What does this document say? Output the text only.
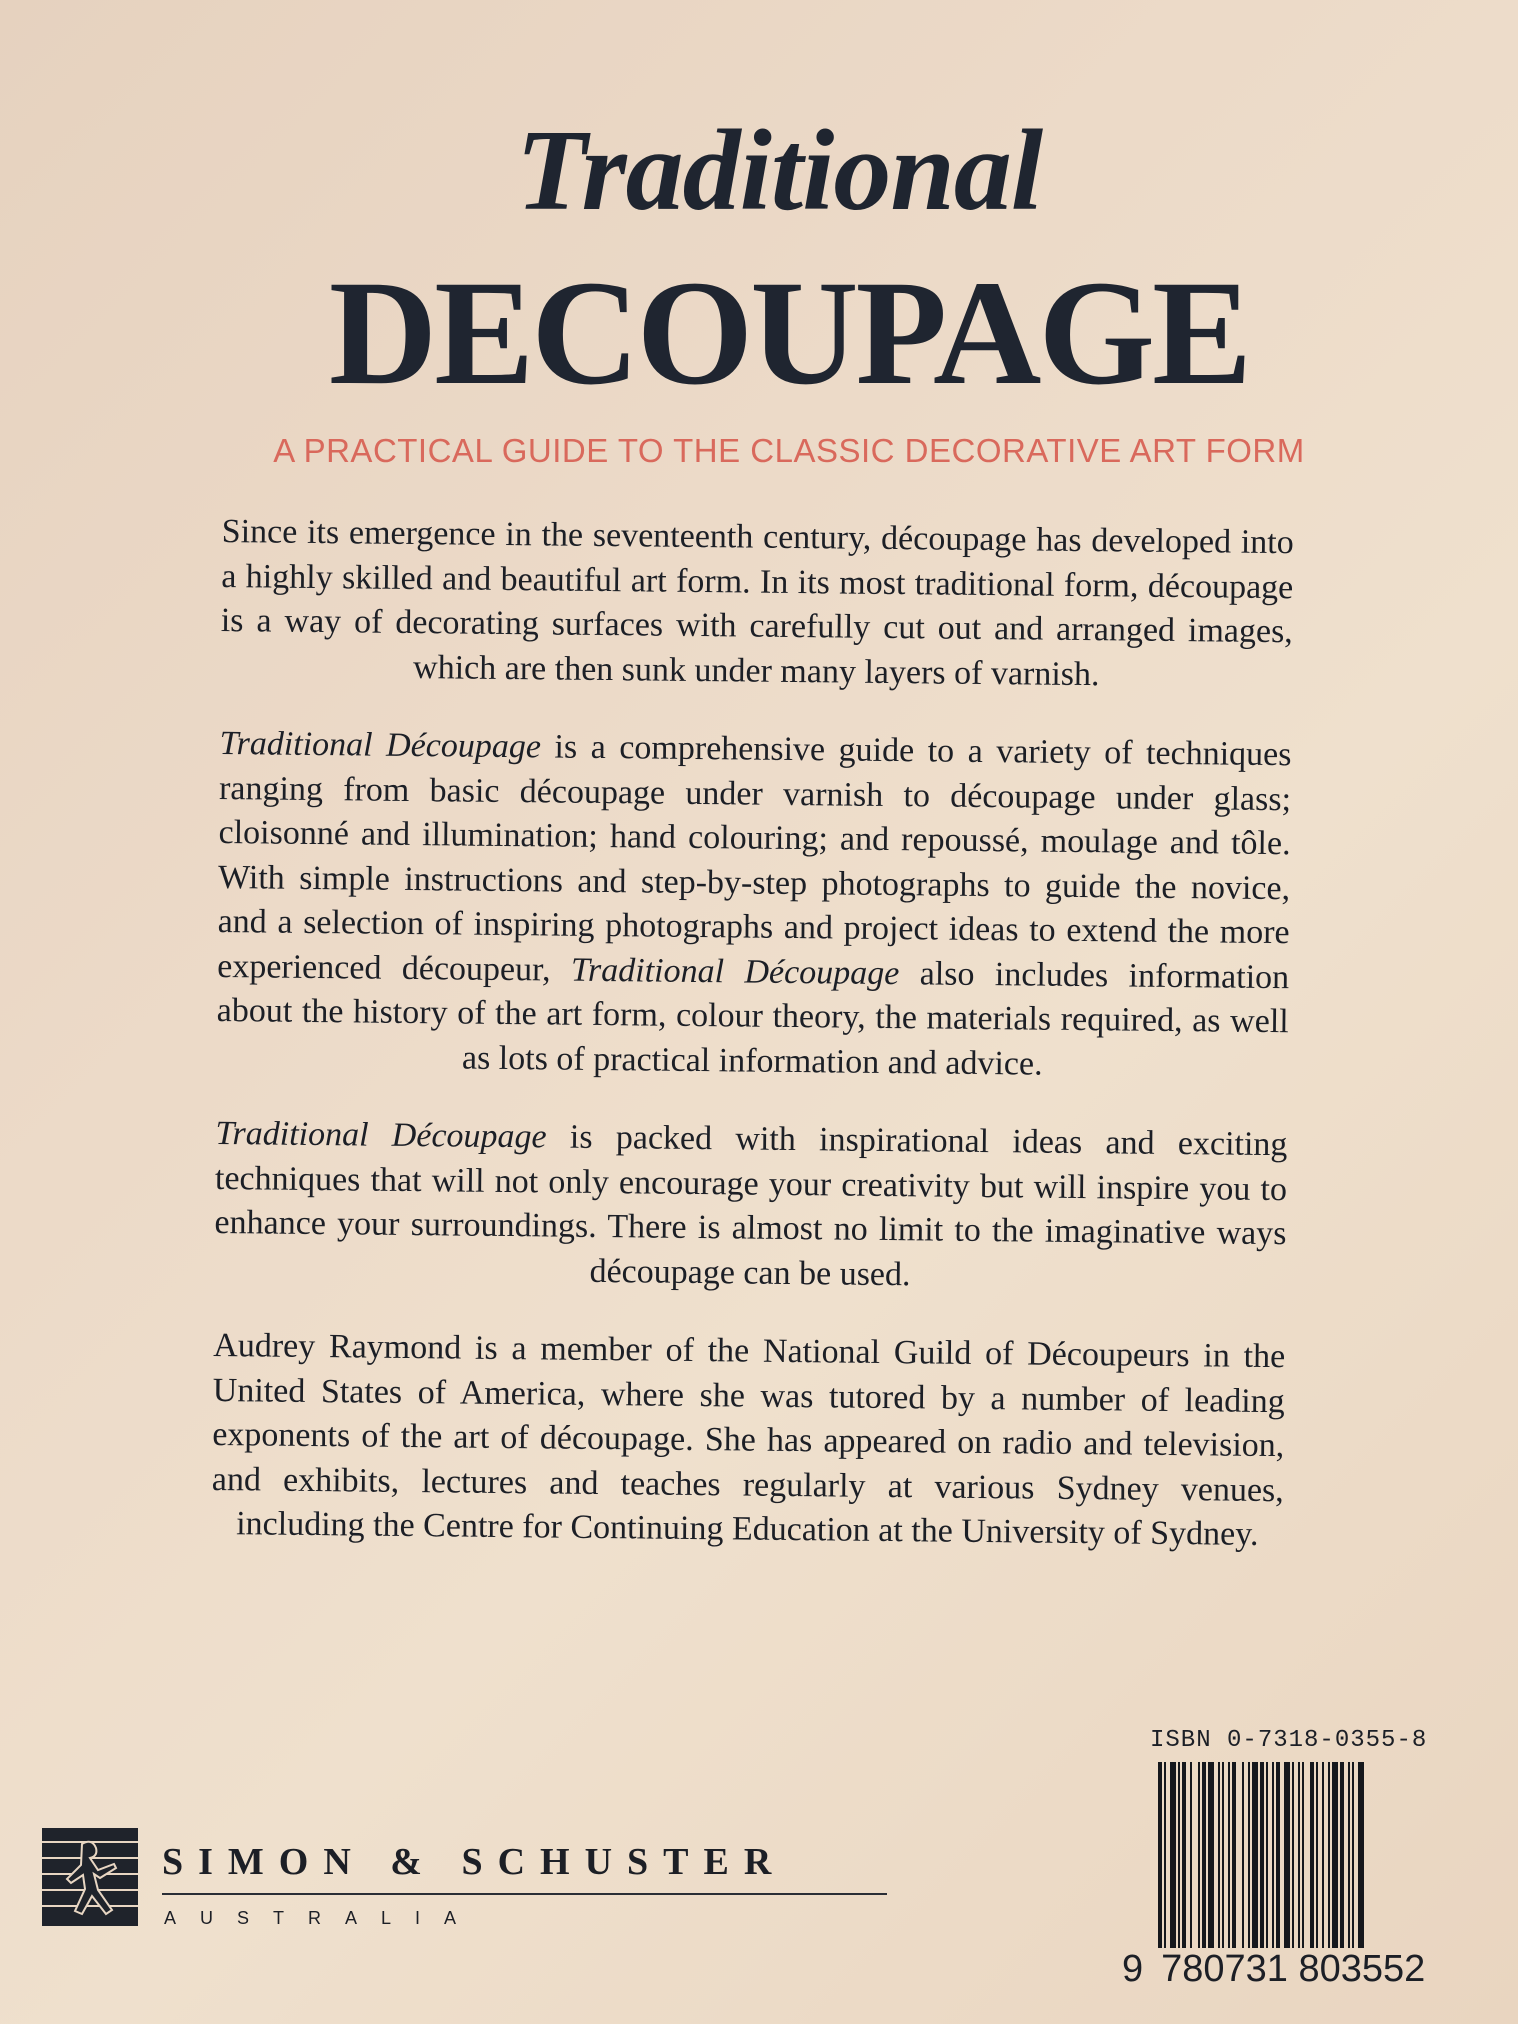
Traditional
DECOUPAGE
A PRACTICAL GUIDE TO THE CLASSIC DECORATIVE ART FORM

Since its emergence in the seventeenth century, découpage has developed into a highly skilled and beautiful art form. In its most traditional form, découpage is a way of decorating surfaces with carefully cut out and arranged images, which are then sunk under many layers of varnish.

Traditional Découpage is a comprehensive guide to a variety of techniques ranging from basic découpage under varnish to découpage under glass; cloisonné and illumination; hand colouring; and repoussé, moulage and tôle. With simple instructions and step-by-step photographs to guide the novice, and a selection of inspiring photographs and project ideas to extend the more experienced découpeur, Traditional Découpage also includes information about the history of the art form, colour theory, the materials required, as well as lots of practical information and advice.

Traditional Découpage is packed with inspirational ideas and exciting techniques that will not only encourage your creativity but will inspire you to enhance your surroundings. There is almost no limit to the imaginative ways découpage can be used.

Audrey Raymond is a member of the National Guild of Découpeurs in the United States of America, where she was tutored by a number of leading exponents of the art of découpage. She has appeared on radio and television, and exhibits, lectures and teaches regularly at various Sydney venues, including the Centre for Continuing Education at the University of Sydney.

ISBN 0-7318-0355-8
9 780731 803552
SIMON & SCHUSTER
AUSTRALIA
